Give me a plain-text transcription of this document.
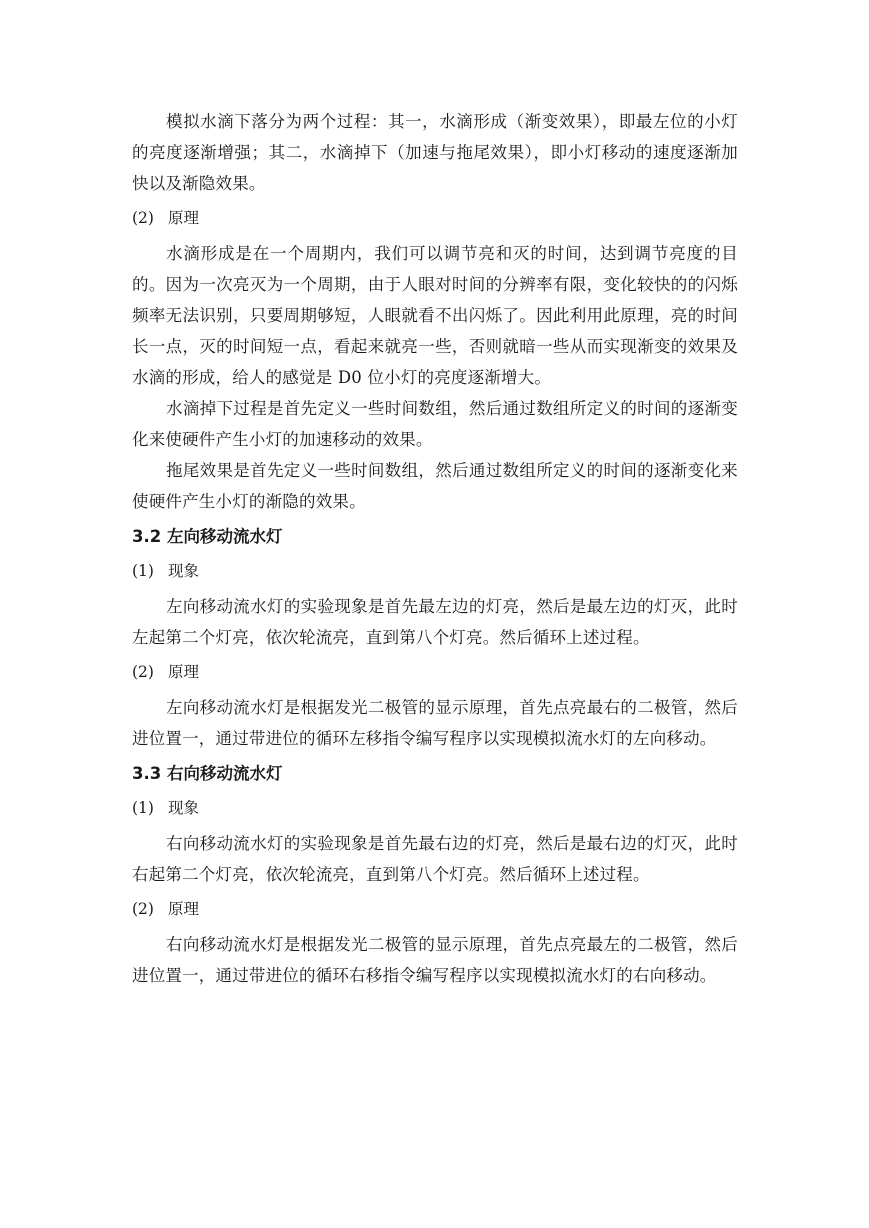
模拟水滴下落分为两个过程：其一，水滴形成（渐变效果），即最左位的小灯的亮度逐渐增强；其二，水滴掉下（加速与拖尾效果），即小灯移动的速度逐渐加快以及渐隐效果。

(2) 原理

水滴形成是在一个周期内，我们可以调节亮和灭的时间，达到调节亮度的目的。因为一次亮灭为一个周期，由于人眼对时间的分辨率有限，变化较快的的闪烁频率无法识别，只要周期够短，人眼就看不出闪烁了。因此利用此原理，亮的时间长一点，灭的时间短一点，看起来就亮一些，否则就暗一些从而实现渐变的效果及水滴的形成，给人的感觉是 D0 位小灯的亮度逐渐增大。

水滴掉下过程是首先定义一些时间数组，然后通过数组所定义的时间的逐渐变化来使硬件产生小灯的加速移动的效果。

拖尾效果是首先定义一些时间数组，然后通过数组所定义的时间的逐渐变化来使硬件产生小灯的渐隐的效果。

3.2 左向移动流水灯

(1) 现象

左向移动流水灯的实验现象是首先最左边的灯亮，然后是最左边的灯灭，此时左起第二个灯亮，依次轮流亮，直到第八个灯亮。然后循环上述过程。

(2) 原理

左向移动流水灯是根据发光二极管的显示原理，首先点亮最右的二极管，然后进位置一，通过带进位的循环左移指令编写程序以实现模拟流水灯的左向移动。

3.3 右向移动流水灯

(1) 现象

右向移动流水灯的实验现象是首先最右边的灯亮，然后是最右边的灯灭，此时右起第二个灯亮，依次轮流亮，直到第八个灯亮。然后循环上述过程。

(2) 原理

右向移动流水灯是根据发光二极管的显示原理，首先点亮最左的二极管，然后进位置一，通过带进位的循环右移指令编写程序以实现模拟流水灯的右向移动。
